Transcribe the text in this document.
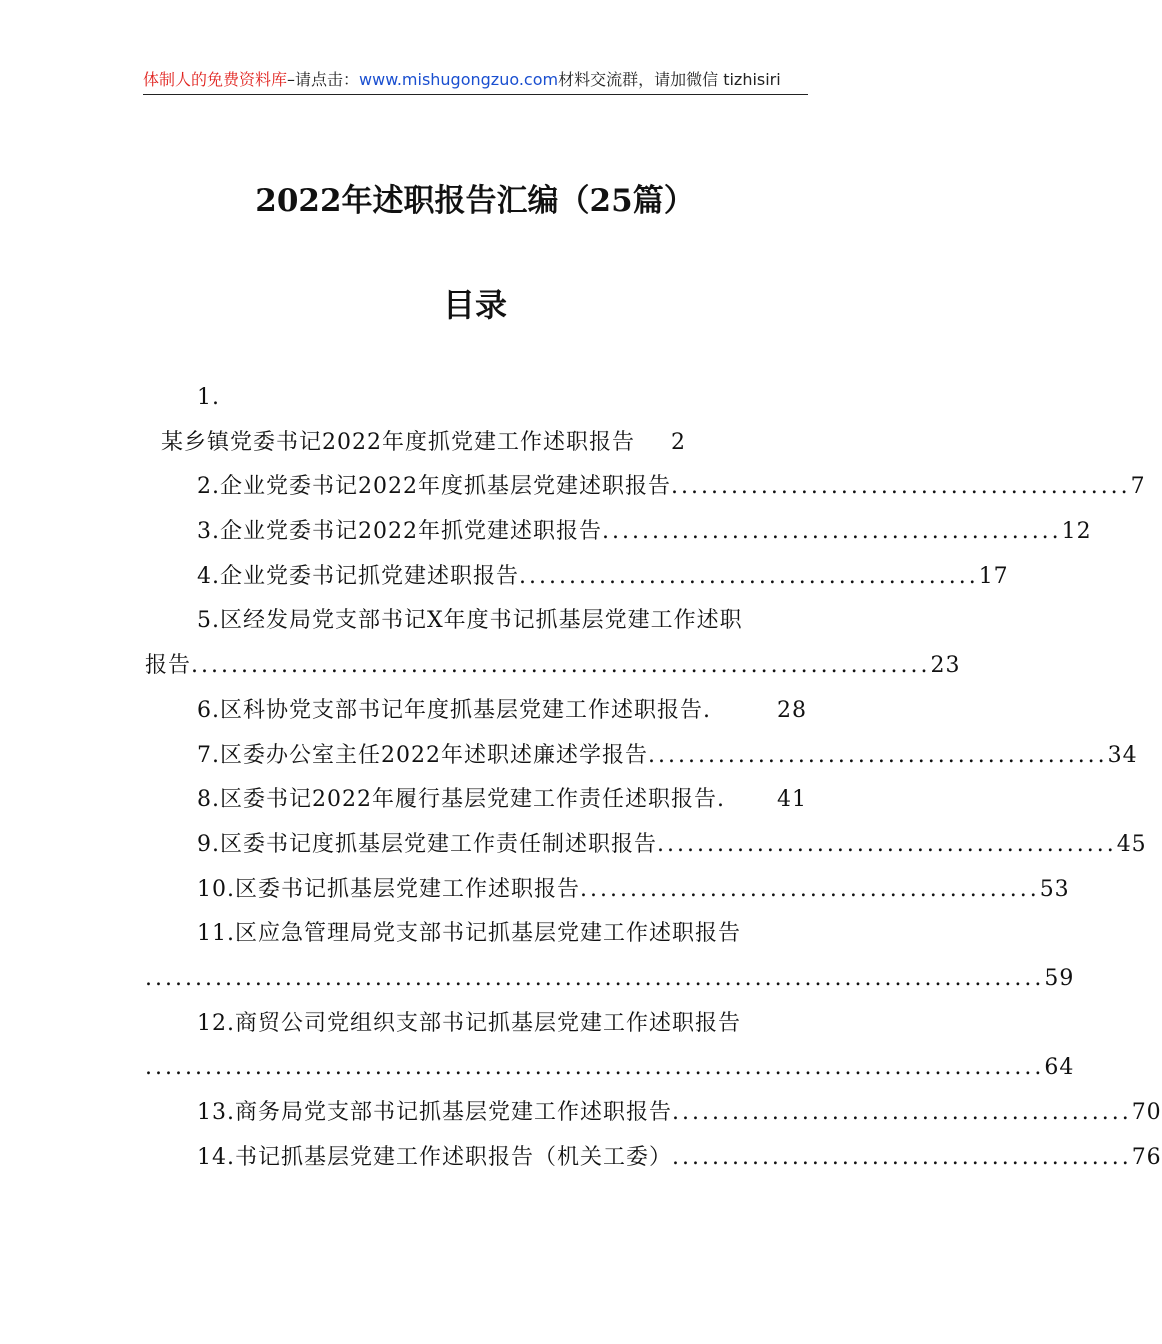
体制人的免费资料库–请点击：www.mishugongzuo.com材料交流群，请加微信 tizhisiri
2022年述职报告汇编（25篇）
目录
1.
某乡镇党委书记2022年度抓党建工作述职报告 2
2.企业党委书记2022年度抓基层党建述职报告 .............................................. 7
3.企业党委书记2022年抓党建述职报告 .............................................. 12
4.企业党委书记抓党建述职报告 .............................................. 17
5.区经发局党支部书记X年度书记抓基层党建工作述职
报告 .......................................................................... 23
6.区科协党支部书记年度抓基层党建工作述职报告.	28
7.区委办公室主任2022年述职述廉述学报告 .............................................. 34
8.区委书记2022年履行基层党建工作责任述职报告. 41
9.区委书记度抓基层党建工作责任制述职报告 .............................................. 45
10.区委书记抓基层党建工作述职报告 .............................................. 53
11.区应急管理局党支部书记抓基层党建工作述职报告
.......................................................................................... 59
12.商贸公司党组织支部书记抓基层党建工作述职报告
.......................................................................................... 64
13.商务局党支部书记抓基层党建工作述职报告 .............................................. 70
14.书记抓基层党建工作述职报告（机关工委） .............................................. 76
